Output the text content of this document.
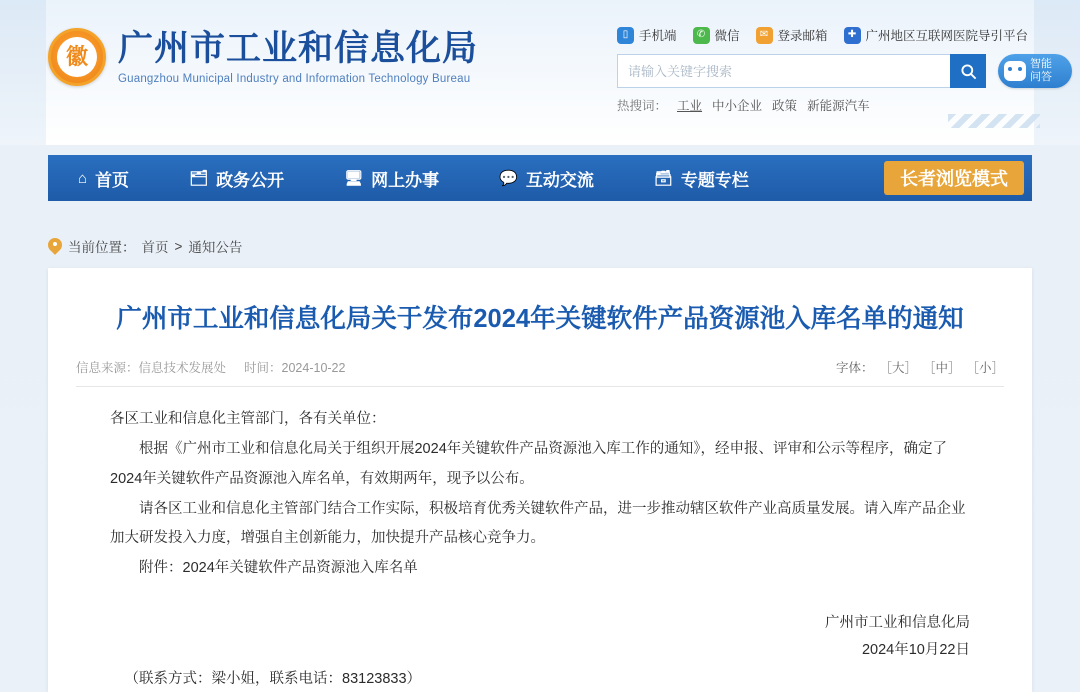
徽 广州市工业和信息化局
Guangzhou Municipal Industry and Information Technology Bureau
▯ 手机端	✆ 微信	✉ 登录邮箱	✚ 广州地区互联网医院导引平台
请输入关键字搜索
智能
问答
热搜词： 工业 中小企业 政策 新能源汽车
⌂ 首页	🗂 政务公开	🖥 网上办事	💬 互动交流	🗃 专题专栏	长者浏览模式
当前位置： 首页 > 通知公告
广州市工业和信息化局关于发布2024年关键软件产品资源池入库名单的通知
信息来源：信息技术发展处 时间：2024-10-22	字体： ［大］ ［中］ ［小］

各区工业和信息化主管部门，各有关单位：

根据《广州市工业和信息化局关于组织开展2024年关键软件产品资源池入库工作的通知》，经申报、评审和公示等程序，确定了2024年关键软件产品资源池入库名单，有效期两年，现予以公布。

请各区工业和信息化主管部门结合工作实际，积极培育优秀关键软件产品，进一步推动辖区软件产业高质量发展。请入库产品企业加大研发投入力度，增强自主创新能力，加快提升产品核心竞争力。

附件：2024年关键软件产品资源池入库名单

广州市工业和信息化局
2024年10月22日

（联系方式：梁小姐，联系电话：83123833）
